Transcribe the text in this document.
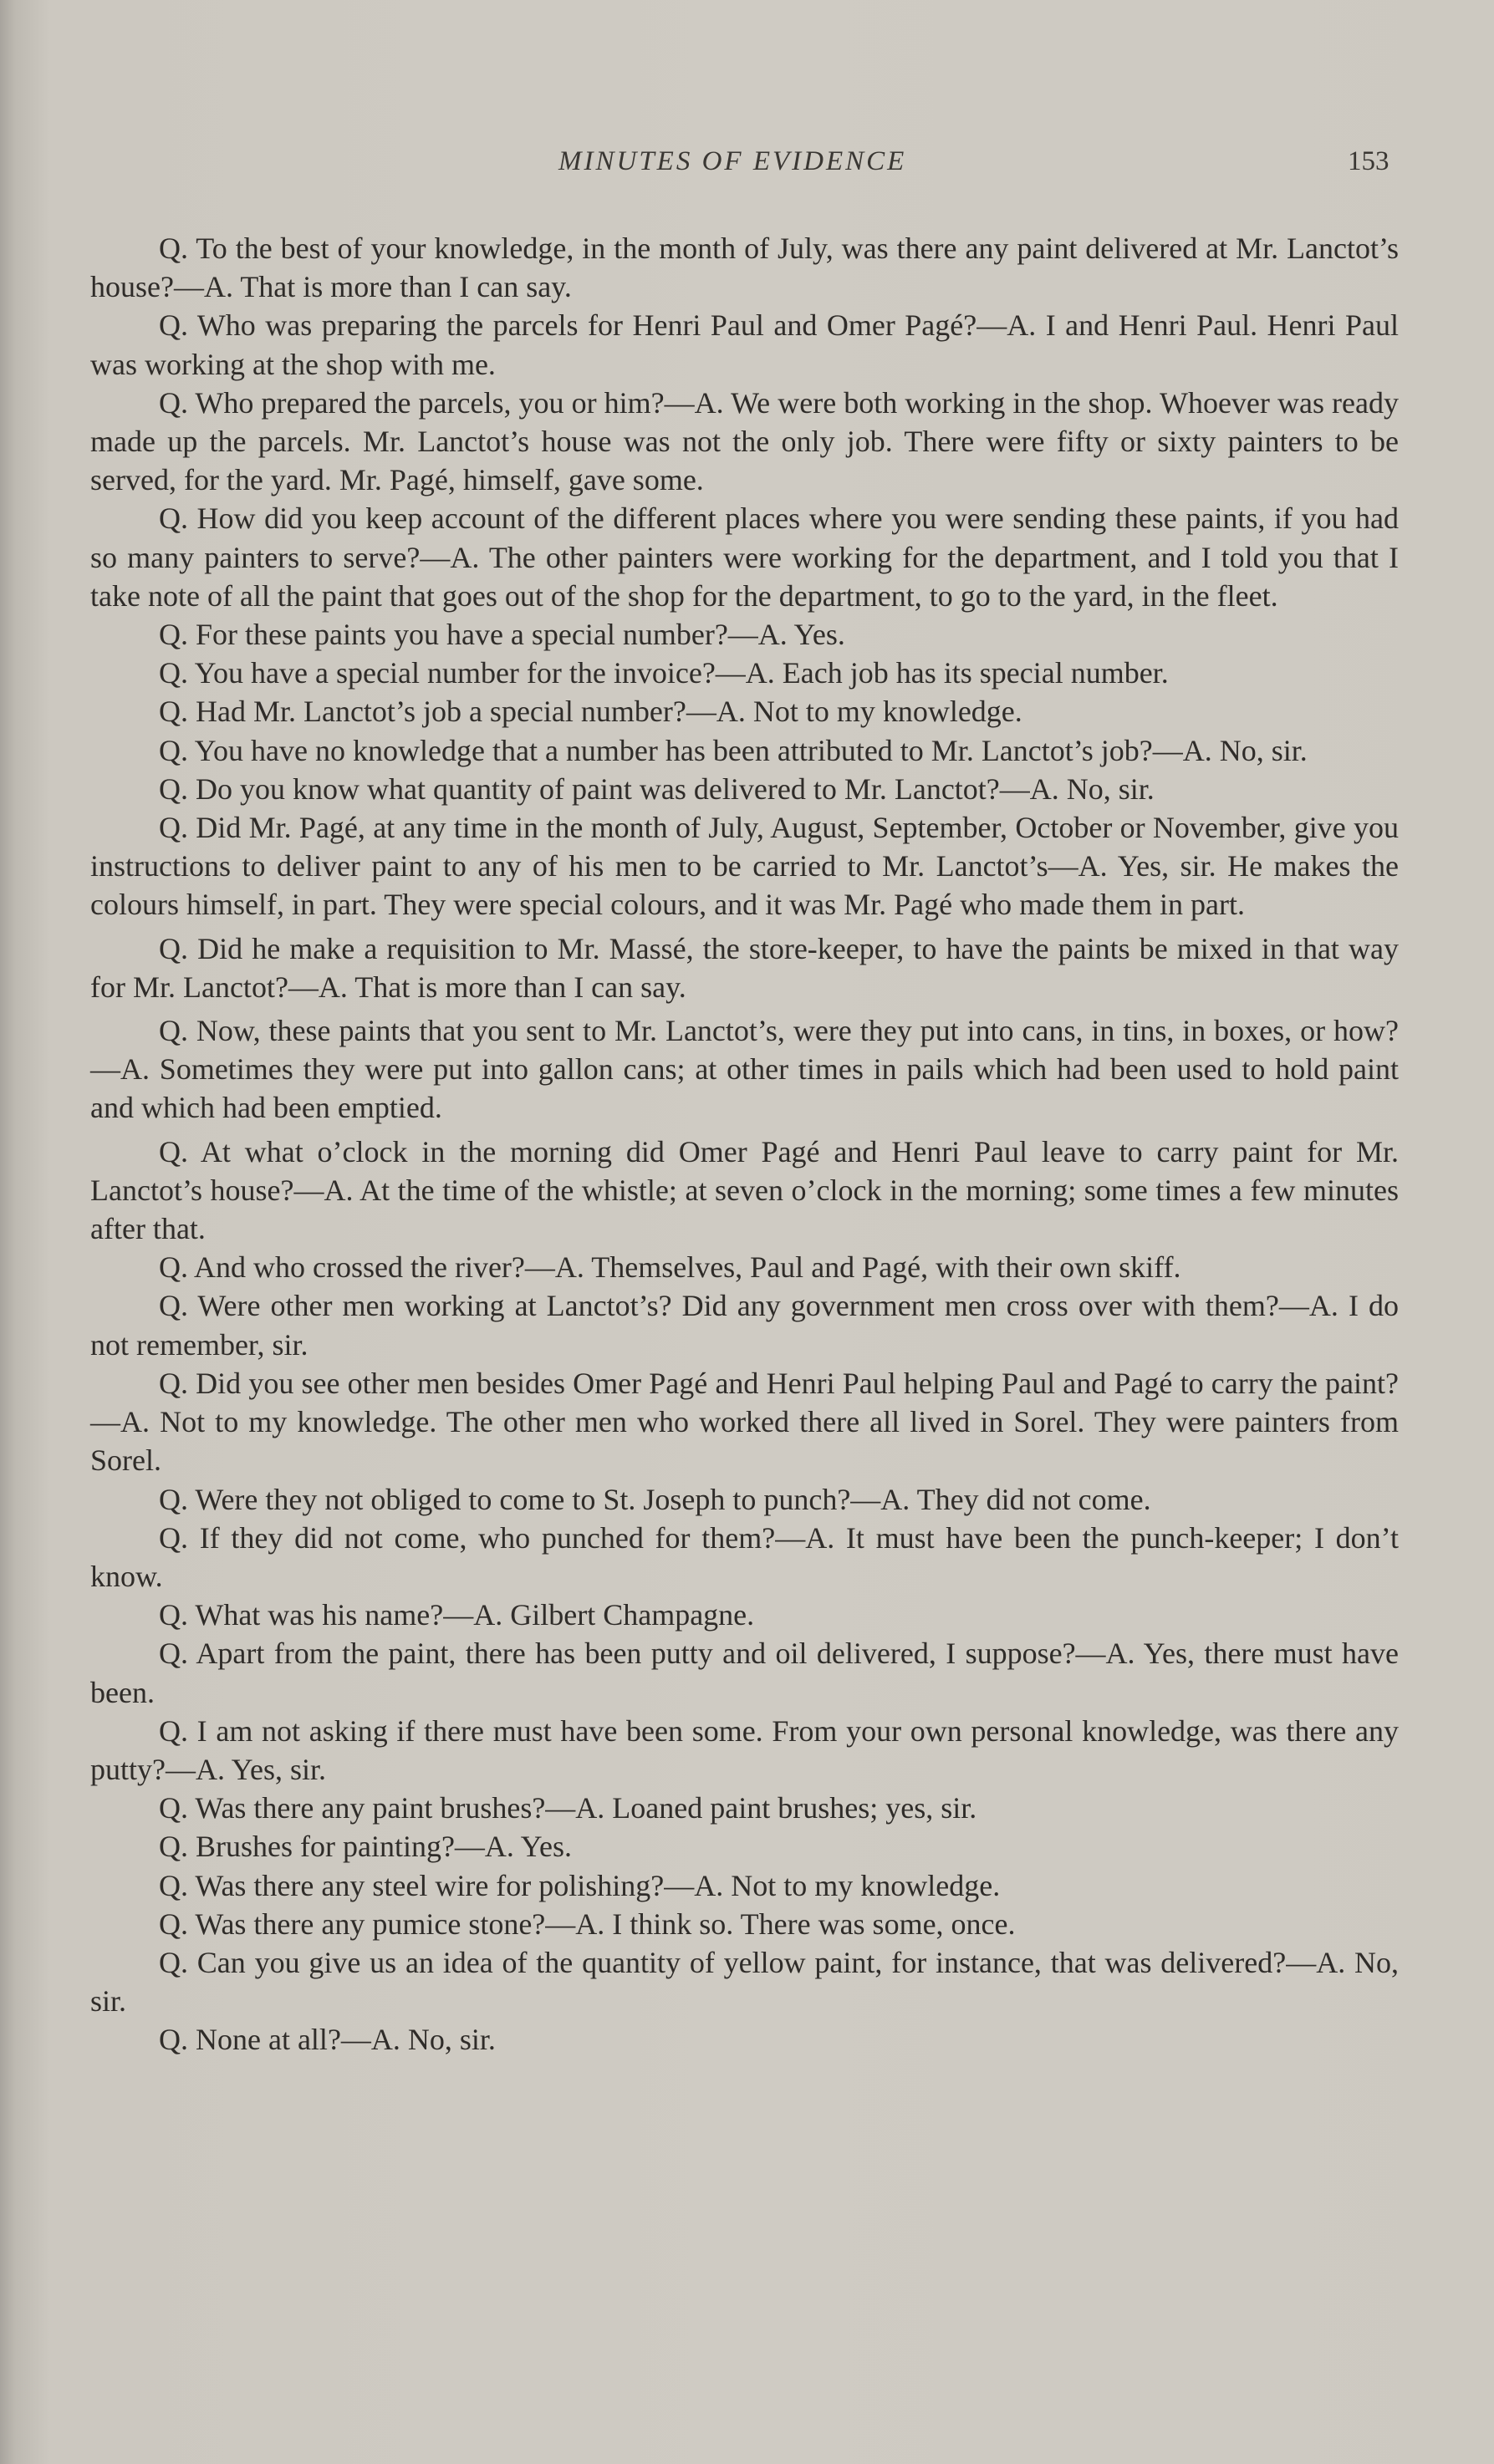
MINUTES OF EVIDENCE	153

Q. To the best of your knowledge, in the month of July, was there any paint delivered at Mr. Lanctot’s house?—A. That is more than I can say.

Q. Who was preparing the parcels for Henri Paul and Omer Pagé?—A. I and Henri Paul. Henri Paul was working at the shop with me.

Q. Who prepared the parcels, you or him?—A. We were both working in the shop. Whoever was ready made up the parcels. Mr. Lanctot’s house was not the only job. There were fifty or sixty painters to be served, for the yard. Mr. Pagé, himself, gave some.

Q. How did you keep account of the different places where you were sending these paints, if you had so many painters to serve?—A. The other painters were working for the department, and I told you that I take note of all the paint that goes out of the shop for the department, to go to the yard, in the fleet.

Q. For these paints you have a special number?—A. Yes.

Q. You have a special number for the invoice?—A. Each job has its special number.

Q. Had Mr. Lanctot’s job a special number?—A. Not to my knowledge.

Q. You have no knowledge that a number has been attributed to Mr. Lanctot’s job?—A. No, sir.

Q. Do you know what quantity of paint was delivered to Mr. Lanctot?—A. No, sir.

Q. Did Mr. Pagé, at any time in the month of July, August, September, October or November, give you instructions to deliver paint to any of his men to be carried to Mr. Lanctot’s—A. Yes, sir. He makes the colours himself, in part. They were special colours, and it was Mr. Pagé who made them in part.

Q. Did he make a requisition to Mr. Massé, the store-keeper, to have the paints be mixed in that way for Mr. Lanctot?—A. That is more than I can say.

Q. Now, these paints that you sent to Mr. Lanctot’s, were they put into cans, in tins, in boxes, or how?—A. Sometimes they were put into gallon cans; at other times in pails which had been used to hold paint and which had been emptied.

Q. At what o’clock in the morning did Omer Pagé and Henri Paul leave to carry paint for Mr. Lanctot’s house?—A. At the time of the whistle; at seven o’clock in the morning; some times a few minutes after that.

Q. And who crossed the river?—A. Themselves, Paul and Pagé, with their own skiff.

Q. Were other men working at Lanctot’s? Did any government men cross over with them?—A. I do not remember, sir.

Q. Did you see other men besides Omer Pagé and Henri Paul helping Paul and Pagé to carry the paint?—A. Not to my knowledge. The other men who worked there all lived in Sorel. They were painters from Sorel.

Q. Were they not obliged to come to St. Joseph to punch?—A. They did not come.

Q. If they did not come, who punched for them?—A. It must have been the punch-keeper; I don’t know.

Q. What was his name?—A. Gilbert Champagne.

Q. Apart from the paint, there has been putty and oil delivered, I suppose?—A. Yes, there must have been.

Q. I am not asking if there must have been some. From your own personal knowledge, was there any putty?—A. Yes, sir.

Q. Was there any paint brushes?—A. Loaned paint brushes; yes, sir.

Q. Brushes for painting?—A. Yes.

Q. Was there any steel wire for polishing?—A. Not to my knowledge.

Q. Was there any pumice stone?—A. I think so. There was some, once.

Q. Can you give us an idea of the quantity of yellow paint, for instance, that was delivered?—A. No, sir.

Q. None at all?—A. No, sir.
